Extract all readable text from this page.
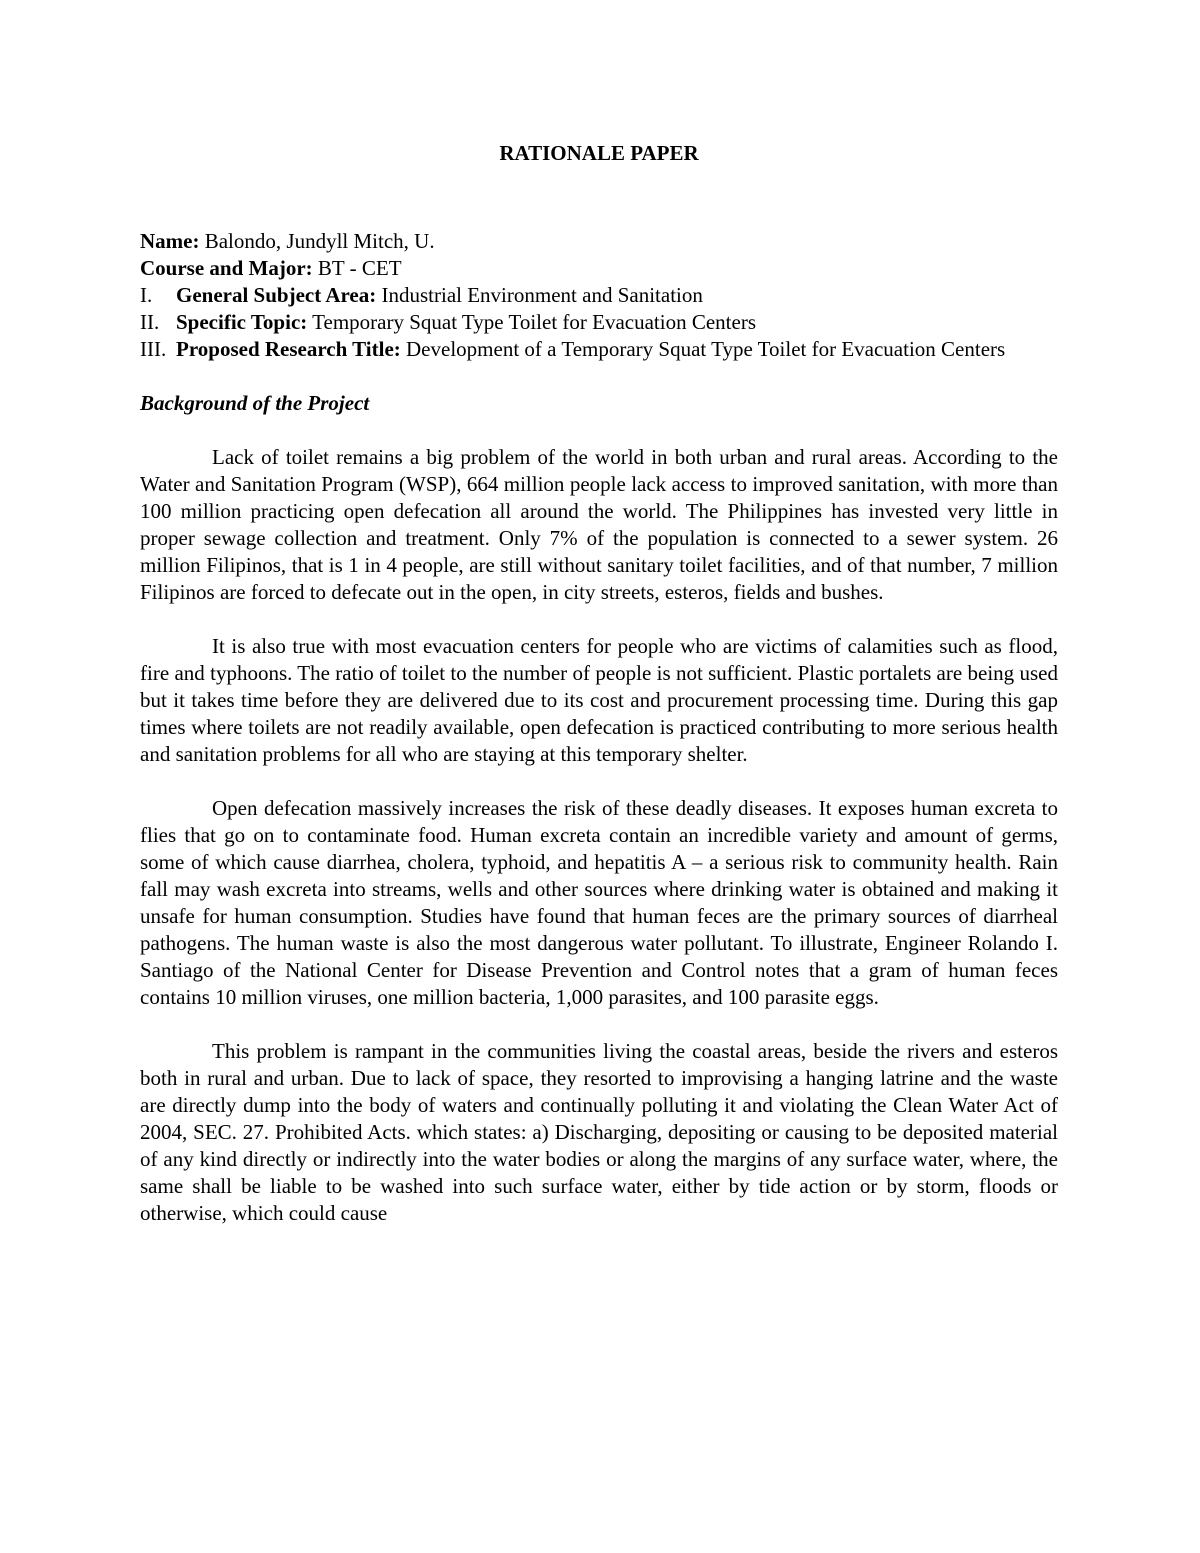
RATIONALE PAPER

Name: Balondo, Jundyll Mitch, U.

Course and Major: BT - CET

I. General Subject Area: Industrial Environment and Sanitation
II. Specific Topic: Temporary Squat Type Toilet for Evacuation Centers
III. Proposed Research Title: Development of a Temporary Squat Type Toilet for Evacuation Centers

Background of the Project

Lack of toilet remains a big problem of the world in both urban and rural areas. According to the Water and Sanitation Program (WSP), 664 million people lack access to improved sanitation, with more than 100 million practicing open defecation all around the world. The Philippines has invested very little in proper sewage collection and treatment. Only 7% of the population is connected to a sewer system. 26 million Filipinos, that is 1 in 4 people, are still without sanitary toilet facilities, and of that number, 7 million Filipinos are forced to defecate out in the open, in city streets, esteros, fields and bushes.

It is also true with most evacuation centers for people who are victims of calamities such as flood, fire and typhoons. The ratio of toilet to the number of people is not sufficient. Plastic portalets are being used but it takes time before they are delivered due to its cost and procurement processing time. During this gap times where toilets are not readily available, open defecation is practiced contributing to more serious health and sanitation problems for all who are staying at this temporary shelter.

Open defecation massively increases the risk of these deadly diseases. It exposes human excreta to flies that go on to contaminate food. Human excreta contain an incredible variety and amount of germs, some of which cause diarrhea, cholera, typhoid, and hepatitis A – a serious risk to community health. Rain fall may wash excreta into streams, wells and other sources where drinking water is obtained and making it unsafe for human consumption. Studies have found that human feces are the primary sources of diarrheal pathogens. The human waste is also the most dangerous water pollutant. To illustrate, Engineer Rolando I. Santiago of the National Center for Disease Prevention and Control notes that a gram of human feces contains 10 million viruses, one million bacteria, 1,000 parasites, and 100 parasite eggs.

This problem is rampant in the communities living the coastal areas, beside the rivers and esteros both in rural and urban. Due to lack of space, they resorted to improvising a hanging latrine and the waste are directly dump into the body of waters and continually polluting it and violating the Clean Water Act of 2004, SEC. 27. Prohibited Acts. which states: a) Discharging, depositing or causing to be deposited material of any kind directly or indirectly into the water bodies or along the margins of any surface water, where, the same shall be liable to be washed into such surface water, either by tide action or by storm, floods or otherwise, which could cause
